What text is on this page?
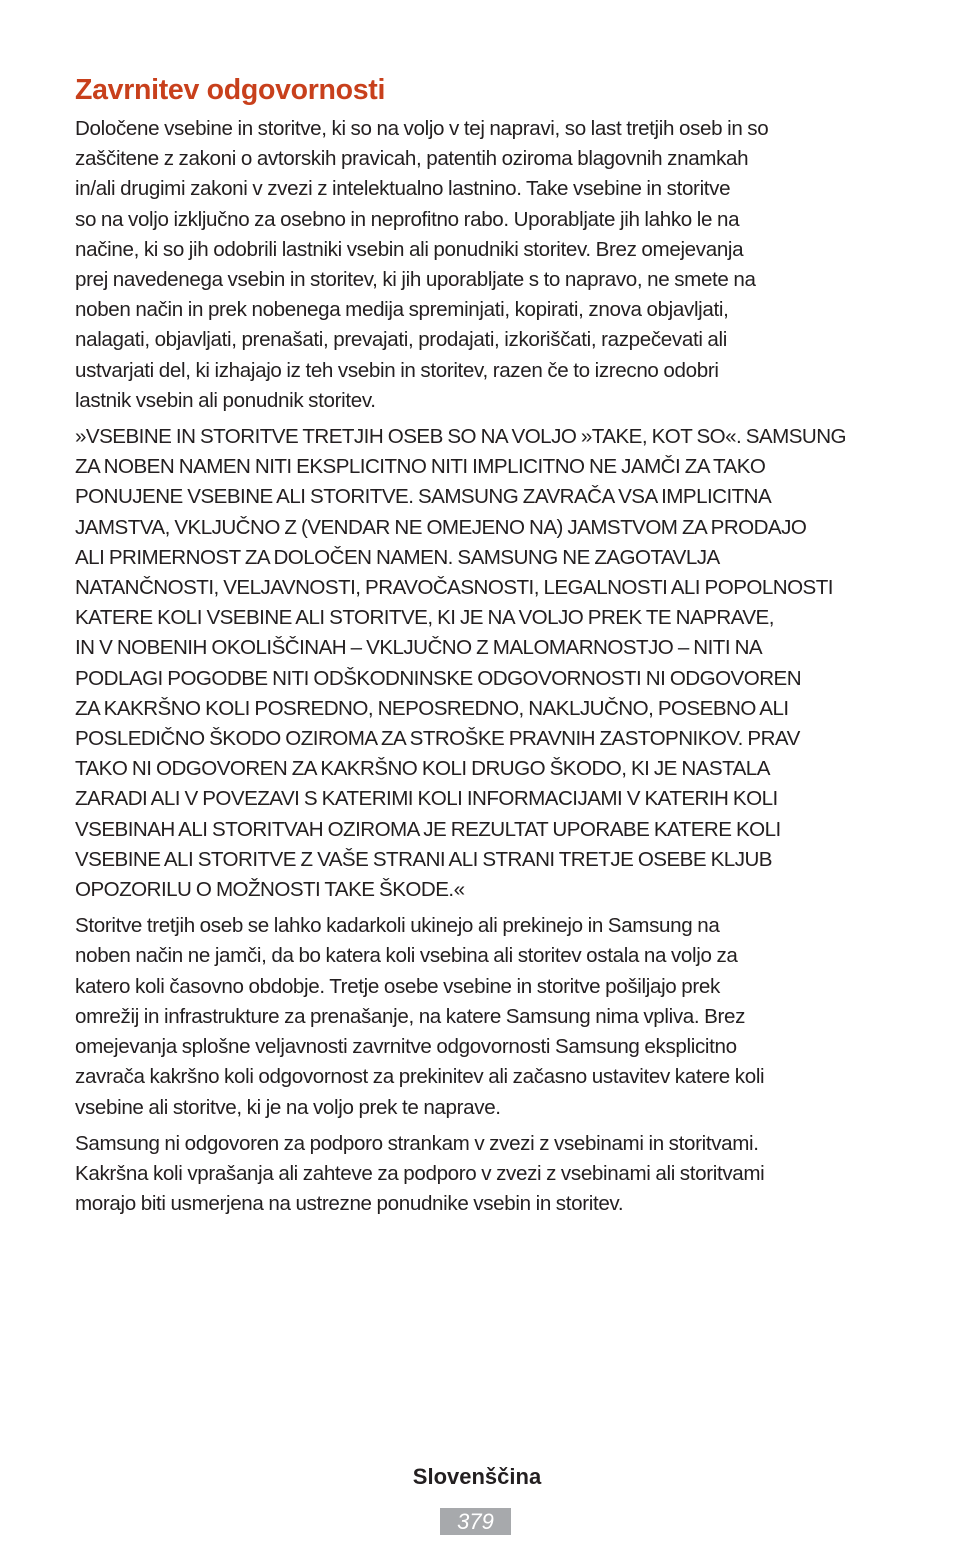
Zavrnitev odgovornosti

Določene vsebine in storitve, ki so na voljo v tej napravi, so last tretjih oseb in so
zaščitene z zakoni o avtorskih pravicah, patentih oziroma blagovnih znamkah
in/ali drugimi zakoni v zvezi z intelektualno lastnino. Take vsebine in storitve
so na voljo izključno za osebno in neprofitno rabo. Uporabljate jih lahko le na
načine, ki so jih odobrili lastniki vsebin ali ponudniki storitev. Brez omejevanja
prej navedenega vsebin in storitev, ki jih uporabljate s to napravo, ne smete na
noben način in prek nobenega medija spreminjati, kopirati, znova objavljati,
nalagati, objavljati, prenašati, prevajati, prodajati, izkoriščati, razpečevati ali
ustvarjati del, ki izhajajo iz teh vsebin in storitev, razen če to izrecno odobri
lastnik vsebin ali ponudnik storitev.

»VSEBINE IN STORITVE TRETJIH OSEB SO NA VOLJO »TAKE, KOT SO«. SAMSUNG
ZA NOBEN NAMEN NITI EKSPLICITNO NITI IMPLICITNO NE JAMČI ZA TAKO
PONUJENE VSEBINE ALI STORITVE. SAMSUNG ZAVRAČA VSA IMPLICITNA
JAMSTVA, VKLJUČNO Z (VENDAR NE OMEJENO NA) JAMSTVOM ZA PRODAJO
ALI PRIMERNOST ZA DOLOČEN NAMEN. SAMSUNG NE ZAGOTAVLJA
NATANČNOSTI, VELJAVNOSTI, PRAVOČASNOSTI, LEGALNOSTI ALI POPOLNOSTI
KATERE KOLI VSEBINE ALI STORITVE, KI JE NA VOLJO PREK TE NAPRAVE,
IN V NOBENIH OKOLIŠČINAH – VKLJUČNO Z MALOMARNOSTJO – NITI NA
PODLAGI POGODBE NITI ODŠKODNINSKE ODGOVORNOSTI NI ODGOVOREN
ZA KAKRŠNO KOLI POSREDNO, NEPOSREDNO, NAKLJUČNO, POSEBNO ALI
POSLEDIČNO ŠKODO OZIROMA ZA STROŠKE PRAVNIH ZASTOPNIKOV. PRAV
TAKO NI ODGOVOREN ZA KAKRŠNO KOLI DRUGO ŠKODO, KI JE NASTALA
ZARADI ALI V POVEZAVI S KATERIMI KOLI INFORMACIJAMI V KATERIH KOLI
VSEBINAH ALI STORITVAH OZIROMA JE REZULTAT UPORABE KATERE KOLI
VSEBINE ALI STORITVE Z VAŠE STRANI ALI STRANI TRETJE OSEBE KLJUB
OPOZORILU O MOŽNOSTI TAKE ŠKODE.«

Storitve tretjih oseb se lahko kadarkoli ukinejo ali prekinejo in Samsung na
noben način ne jamči, da bo katera koli vsebina ali storitev ostala na voljo za
katero koli časovno obdobje. Tretje osebe vsebine in storitve pošiljajo prek
omrežij in infrastrukture za prenašanje, na katere Samsung nima vpliva. Brez
omejevanja splošne veljavnosti zavrnitve odgovornosti Samsung eksplicitno
zavrača kakršno koli odgovornost za prekinitev ali začasno ustavitev katere koli
vsebine ali storitve, ki je na voljo prek te naprave.

Samsung ni odgovoren za podporo strankam v zvezi z vsebinami in storitvami.
Kakršna koli vprašanja ali zahteve za podporo v zvezi z vsebinami ali storitvami
morajo biti usmerjena na ustrezne ponudnike vsebin in storitev.

Slovenščina
379
